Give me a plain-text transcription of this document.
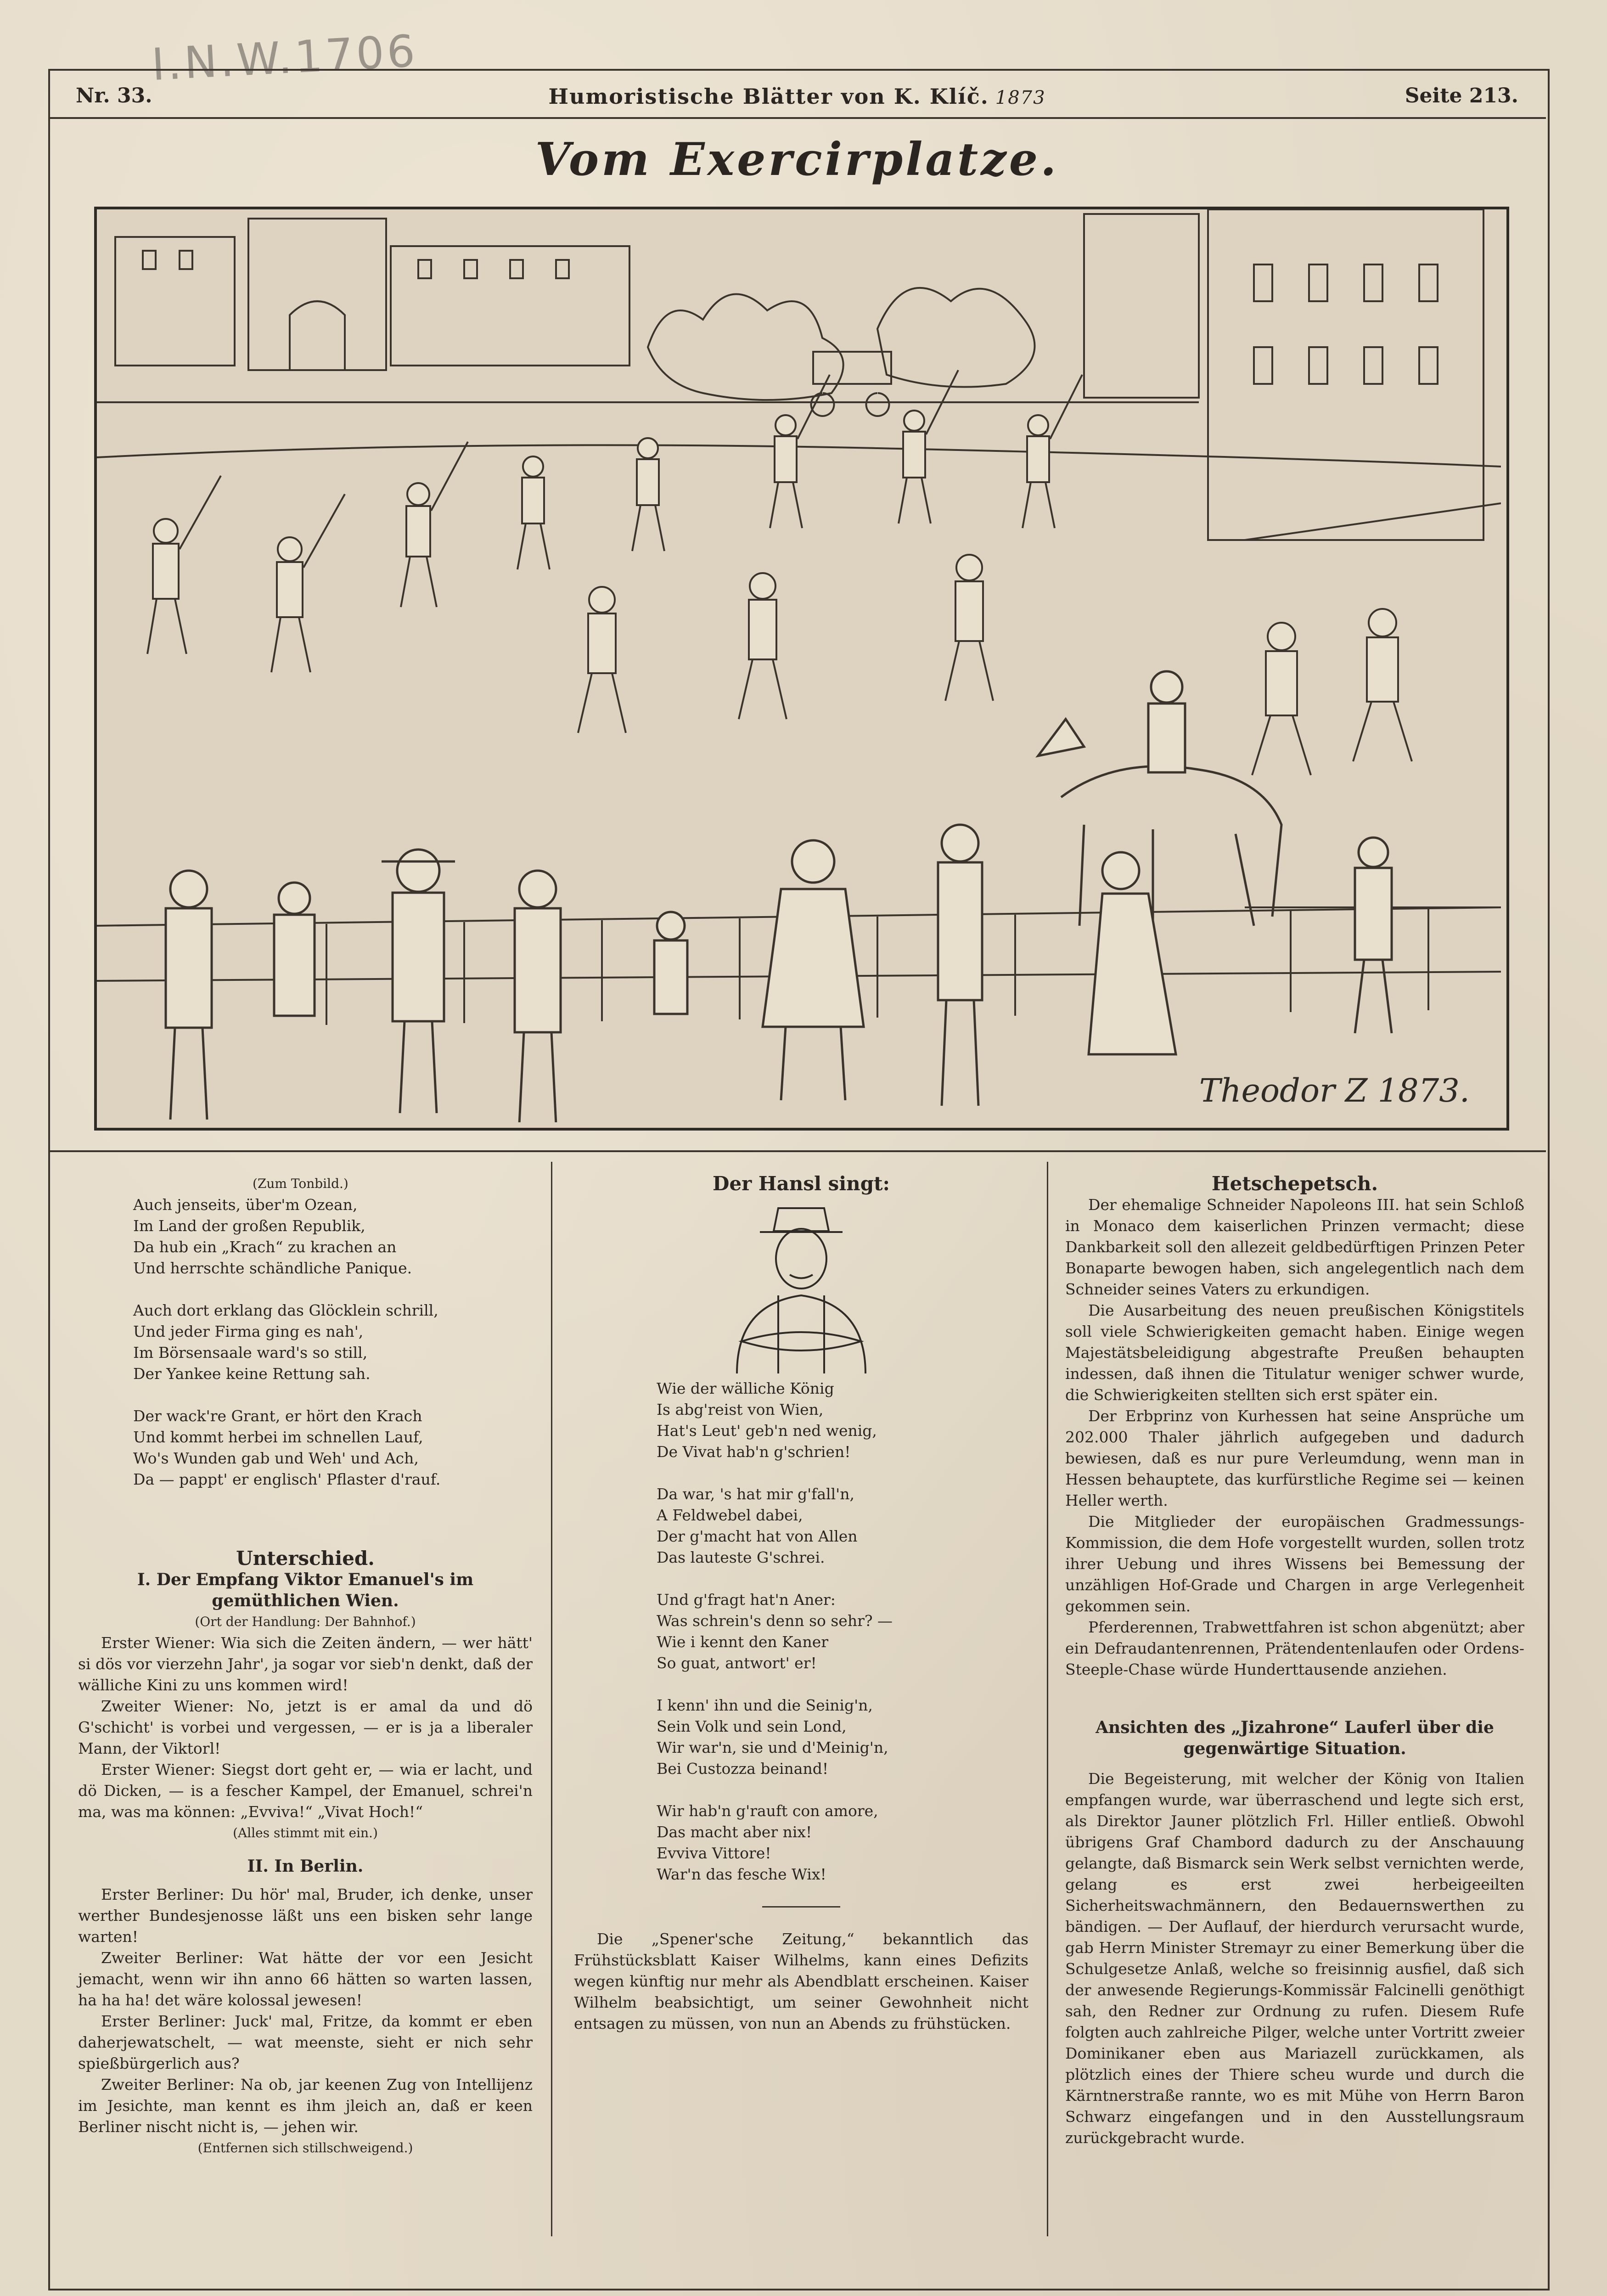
I.N.W.1706
Nr. 33.	Humoristische Blätter von K. Klíč. 1873	Seite 213.
Vom Exercirplatze.
Theodor Z 1873.

(Zum Tonbild.)

Auch jenseits, über'm Ozean,

Im Land der großen Republik,

Da hub ein „Krach“ zu krachen an

Und herrschte schändliche Panique.

Auch dort erklang das Glöcklein schrill,

Und jeder Firma ging es nah',

Im Börsensaale ward's so still,

Der Yankee keine Rettung sah.

Der wack're Grant, er hört den Krach

Und kommt herbei im schnellen Lauf,

Wo's Wunden gab und Weh' und Ach,

Da — pappt' er englisch' Pflaster d'rauf.

Unterschied.

I. Der Empfang Viktor Emanuel's im gemüthlichen Wien.

(Ort der Handlung: Der Bahnhof.)

Erster Wiener: Wia sich die Zeiten ändern, — wer hätt' si dös vor vierzehn Jahr', ja sogar vor sieb'n denkt, daß der wälliche Kini zu uns kommen wird!

Zweiter Wiener: No, jetzt is er amal da und dö G'schicht' is vorbei und vergessen, — er is ja a liberaler Mann, der Viktorl!

Erster Wiener: Siegst dort geht er, — wia er lacht, und dö Dicken, — is a fescher Kampel, der Emanuel, schrei'n ma, was ma können: „Evviva!“ „Vivat Hoch!“

(Alles stimmt mit ein.)

II. In Berlin.

Erster Berliner: Du hör' mal, Bruder, ich denke, unser werther Bundesjenosse läßt uns een bisken sehr lange warten!

Zweiter Berliner: Wat hätte der vor een Jesicht jemacht, wenn wir ihn anno 66 hätten so warten lassen, ha ha ha! det wäre kolossal jewesen!

Erster Berliner: Juck' mal, Fritze, da kommt er eben daherjewatschelt, — wat meenste, sieht er nich sehr spießbürgerlich aus?

Zweiter Berliner: Na ob, jar keenen Zug von Intellijenz im Jesichte, man kennt es ihm jleich an, daß er keen Berliner nischt nicht is, — jehen wir.

(Entfernen sich stillschweigend.)

Der Hansl singt:

Wie der wälliche König

Is abg'reist von Wien,

Hat's Leut' geb'n ned wenig,

De Vivat hab'n g'schrien!

Da war, 's hat mir g'fall'n,

A Feldwebel dabei,

Der g'macht hat von Allen

Das lauteste G'schrei.

Und g'fragt hat'n Aner:

Was schrein's denn so sehr? —

Wie i kennt den Kaner

So guat, antwort' er!

I kenn' ihn und die Seinig'n,

Sein Volk und sein Lond,

Wir war'n, sie und d'Meinig'n,

Bei Custozza beinand!

Wir hab'n g'rauft con amore,

Das macht aber nix!

Evviva Vittore!

War'n das fesche Wix!

Die „Spener'sche Zeitung,“ bekanntlich das Frühstücksblatt Kaiser Wilhelms, kann eines Defizits wegen künftig nur mehr als Abendblatt erscheinen. Kaiser Wilhelm beabsichtigt, um seiner Gewohnheit nicht entsagen zu müssen, von nun an Abends zu frühstücken.

Hetschepetsch.

Der ehemalige Schneider Napoleons III. hat sein Schloß in Monaco dem kaiserlichen Prinzen vermacht; diese Dankbarkeit soll den allezeit geldbedürftigen Prinzen Peter Bonaparte bewogen haben, sich angelegentlich nach dem Schneider seines Vaters zu erkundigen.

Die Ausarbeitung des neuen preußischen Königstitels soll viele Schwierigkeiten gemacht haben. Einige wegen Majestätsbeleidigung abgestrafte Preußen behaupten indessen, daß ihnen die Titulatur weniger schwer wurde, die Schwierigkeiten stellten sich erst später ein.

Der Erbprinz von Kurhessen hat seine Ansprüche um 202.000 Thaler jährlich aufgegeben und dadurch bewiesen, daß es nur pure Verleumdung, wenn man in Hessen behauptete, das kurfürstliche Regime sei — keinen Heller werth.

Die Mitglieder der europäischen Gradmessungs-Kommission, die dem Hofe vorgestellt wurden, sollen trotz ihrer Uebung und ihres Wissens bei Bemessung der unzähligen Hof-Grade und Chargen in arge Verlegenheit gekommen sein.

Pferderennen, Trabwettfahren ist schon abgenützt; aber ein Defraudantenrennen, Prätendentenlaufen oder Ordens-Steeple-Chase würde Hunderttausende anziehen.

Ansichten des „Jizahrone“ Lauferl über die gegenwärtige Situation.

Die Begeisterung, mit welcher der König von Italien empfangen wurde, war überraschend und legte sich erst, als Direktor Jauner plötzlich Frl. Hiller entließ. Obwohl übrigens Graf Chambord dadurch zu der Anschauung gelangte, daß Bismarck sein Werk selbst vernichten werde, gelang es erst zwei herbeigeeilten Sicherheitswachmännern, den Bedauernswerthen zu bändigen. — Der Auflauf, der hierdurch verursacht wurde, gab Herrn Minister Stremayr zu einer Bemerkung über die Schulgesetze Anlaß, welche so freisinnig ausfiel, daß sich der anwesende Regierungs-Kommissär Falcinelli genöthigt sah, den Redner zur Ordnung zu rufen. Diesem Rufe folgten auch zahlreiche Pilger, welche unter Vortritt zweier Dominikaner eben aus Mariazell zurückkamen, als plötzlich eines der Thiere scheu wurde und durch die Kärntnerstraße rannte, wo es mit Mühe von Herrn Baron Schwarz eingefangen und in den Ausstellungsraum zurückgebracht wurde.
